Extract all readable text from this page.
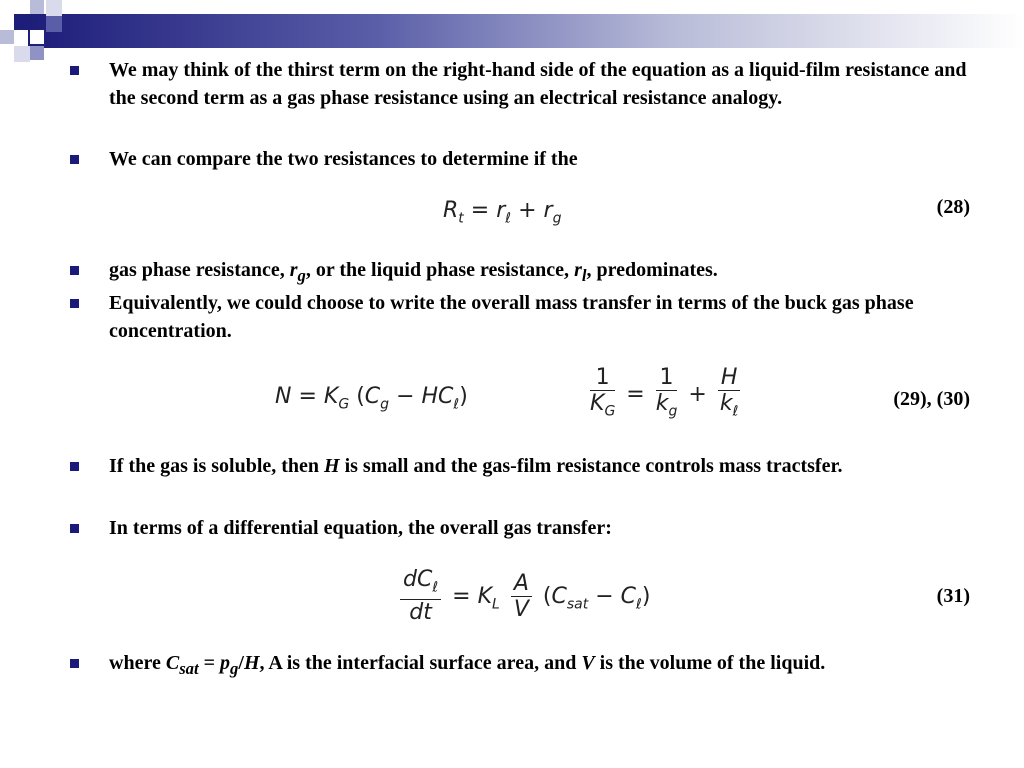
We may think of the thirst term on the right-hand side of the equation as a liquid-film resistance and the second term as a gas phase resistance using an electrical resistance analogy.
We can compare the two resistances to determine if the
$R_t = r_\ell + r_g$
(28)
gas phase resistance, $r_g$, or the liquid phase resistance, $r_l$, predominates.
Equivalently, we could choose to write the overall mass transfer in terms of the buck gas phase concentration.
$N = K_G$ $(C_g - HC_\ell)$	$\frac{1}{K_G} = \frac{1}{k_g} + \frac{H}{k_\ell}$	(29), (30)
If the gas is soluble, then H is small and the gas-film resistance controls mass tractsfer.
In terms of a differential equation, the overall gas transfer:
$\frac{dC_\ell}{dt} = K_L \frac{A}{V} (C_{sat} - C_\ell)$	(31)
where $C_{sat} = p_g/H$, A is the interfacial surface area, and V is the volume of the liquid.
